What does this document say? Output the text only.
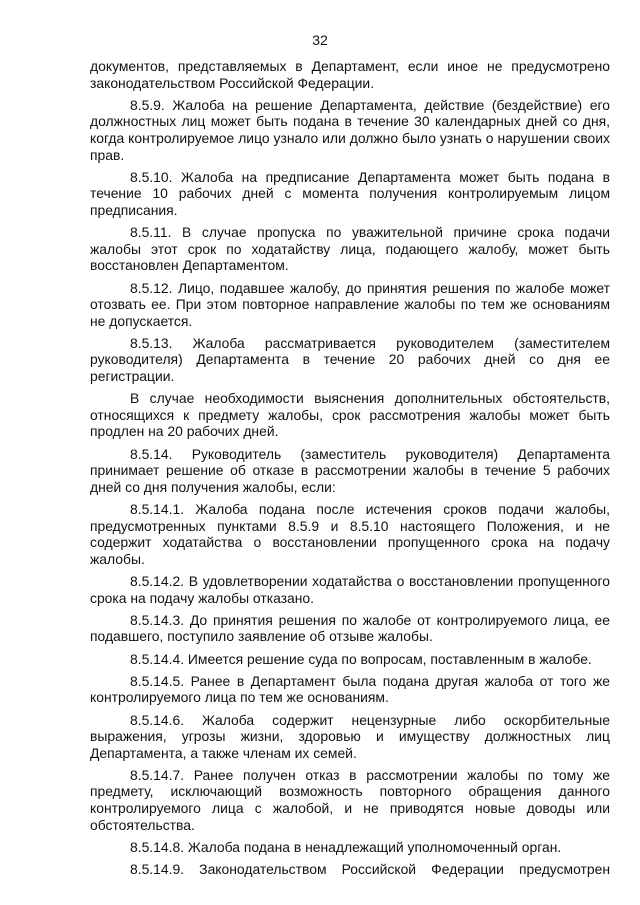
32

документов, представляемых в Департамент, если иное не предусмотрено законодательством Российской Федерации.

8.5.9. Жалоба на решение Департамента, действие (бездействие) его должностных лиц может быть подана в течение 30 календарных дней со дня, когда контролируемое лицо узнало или должно было узнать о нарушении своих прав.

8.5.10. Жалоба на предписание Департамента может быть подана в течение 10 рабочих дней с момента получения контролируемым лицом предписания.

8.5.11. В случае пропуска по уважительной причине срока подачи жалобы этот срок по ходатайству лица, подающего жалобу, может быть восстановлен Департаментом.

8.5.12. Лицо, подавшее жалобу, до принятия решения по жалобе может отозвать ее. При этом повторное направление жалобы по тем же основаниям не допускается.

8.5.13. Жалоба рассматривается руководителем (заместителем руководителя) Департамента в течение 20 рабочих дней со дня ее регистрации.

В случае необходимости выяснения дополнительных обстоятельств, относящихся к предмету жалобы, срок рассмотрения жалобы может быть продлен на 20 рабочих дней.

8.5.14. Руководитель (заместитель руководителя) Департамента принимает решение об отказе в рассмотрении жалобы в течение 5 рабочих дней со дня получения жалобы, если:

8.5.14.1. Жалоба подана после истечения сроков подачи жалобы, предусмотренных пунктами 8.5.9 и 8.5.10 настоящего Положения, и не содержит ходатайства о восстановлении пропущенного срока на подачу жалобы.

8.5.14.2. В удовлетворении ходатайства о восстановлении пропущенного срока на подачу жалобы отказано.

8.5.14.3. До принятия решения по жалобе от контролируемого лица, ее подавшего, поступило заявление об отзыве жалобы.

8.5.14.4. Имеется решение суда по вопросам, поставленным в жалобе.

8.5.14.5. Ранее в Департамент была подана другая жалоба от того же контролируемого лица по тем же основаниям.

8.5.14.6. Жалоба содержит нецензурные либо оскорбительные выражения, угрозы жизни, здоровью и имуществу должностных лиц Департамента, а также членам их семей.

8.5.14.7. Ранее получен отказ в рассмотрении жалобы по тому же предмету, исключающий возможность повторного обращения данного контролируемого лица с жалобой, и не приводятся новые доводы или обстоятельства.

8.5.14.8. Жалоба подана в ненадлежащий уполномоченный орган.

8.5.14.9. Законодательством Российской Федерации предусмотрен
